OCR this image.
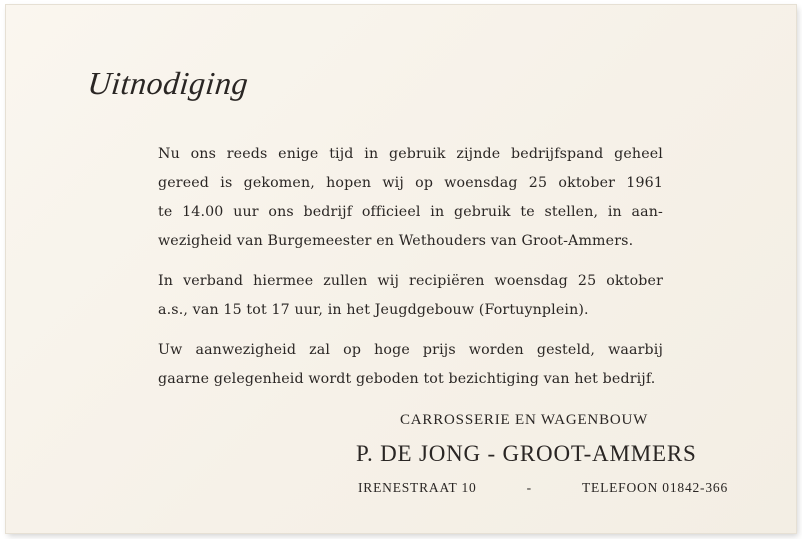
Uitnodiging
Nu ons reeds enige tijd in gebruik zijnde bedrijfspand geheel
gereed is gekomen, hopen wij op woensdag 25 oktober 1961
te 14.00 uur ons bedrijf officieel in gebruik te stellen, in aan-
wezigheid van Burgemeester en Wethouders van Groot-Ammers.
In verband hiermee zullen wij recipiëren woensdag 25 oktober
a.s., van 15 tot 17 uur, in het Jeugdgebouw (Fortuynplein).
Uw aanwezigheid zal op hoge prijs worden gesteld, waarbij
gaarne gelegenheid wordt geboden tot bezichtiging van het bedrijf.
CARROSSERIE EN WAGENBOUW
P. DE JONG - GROOT-AMMERS
IRENESTRAAT 10	-	TELEFOON 01842-366
